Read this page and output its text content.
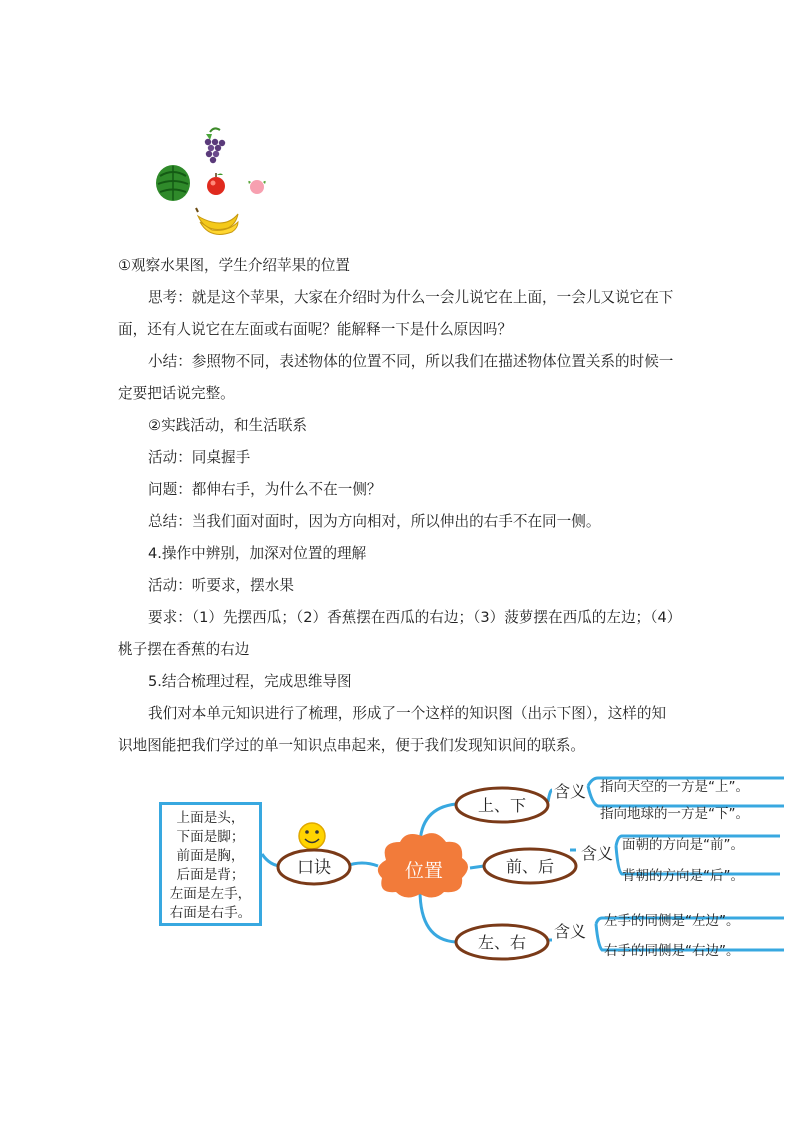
①观察水果图，学生介绍苹果的位置

思考：就是这个苹果，大家在介绍时为什么一会儿说它在上面，一会儿又说它在下面，还有人说它在左面或右面呢？能解释一下是什么原因吗？

小结：参照物不同，表述物体的位置不同，所以我们在描述物体位置关系的时候一定要把话说完整。

②实践活动，和生活联系

活动：同桌握手

问题：都伸右手，为什么不在一侧？

总结：当我们面对面时，因为方向相对，所以伸出的右手不在同一侧。

4.操作中辨别，加深对位置的理解

活动：听要求，摆水果

要求：（1）先摆西瓜；（2）香蕉摆在西瓜的右边；（3）菠萝摆在西瓜的左边；（4）桃子摆在香蕉的右边

5.结合梳理过程，完成思维导图

我们对本单元知识进行了梳理，形成了一个这样的知识图（出示下图），这样的知识地图能把我们学过的单一知识点串起来，便于我们发现知识间的联系。

口诀	位置
上、下
前、后
左、右
含义
含义
含义
指向天空的一方是“上”。
指向地球的一方是“下”。
面朝的方向是“前”。
背朝的方向是“后”。
左手的同侧是“左边”。
右手的同侧是“右边”。
上面是头，
下面是脚；
前面是胸，
后面是背；
左面是左手，
右面是右手。
